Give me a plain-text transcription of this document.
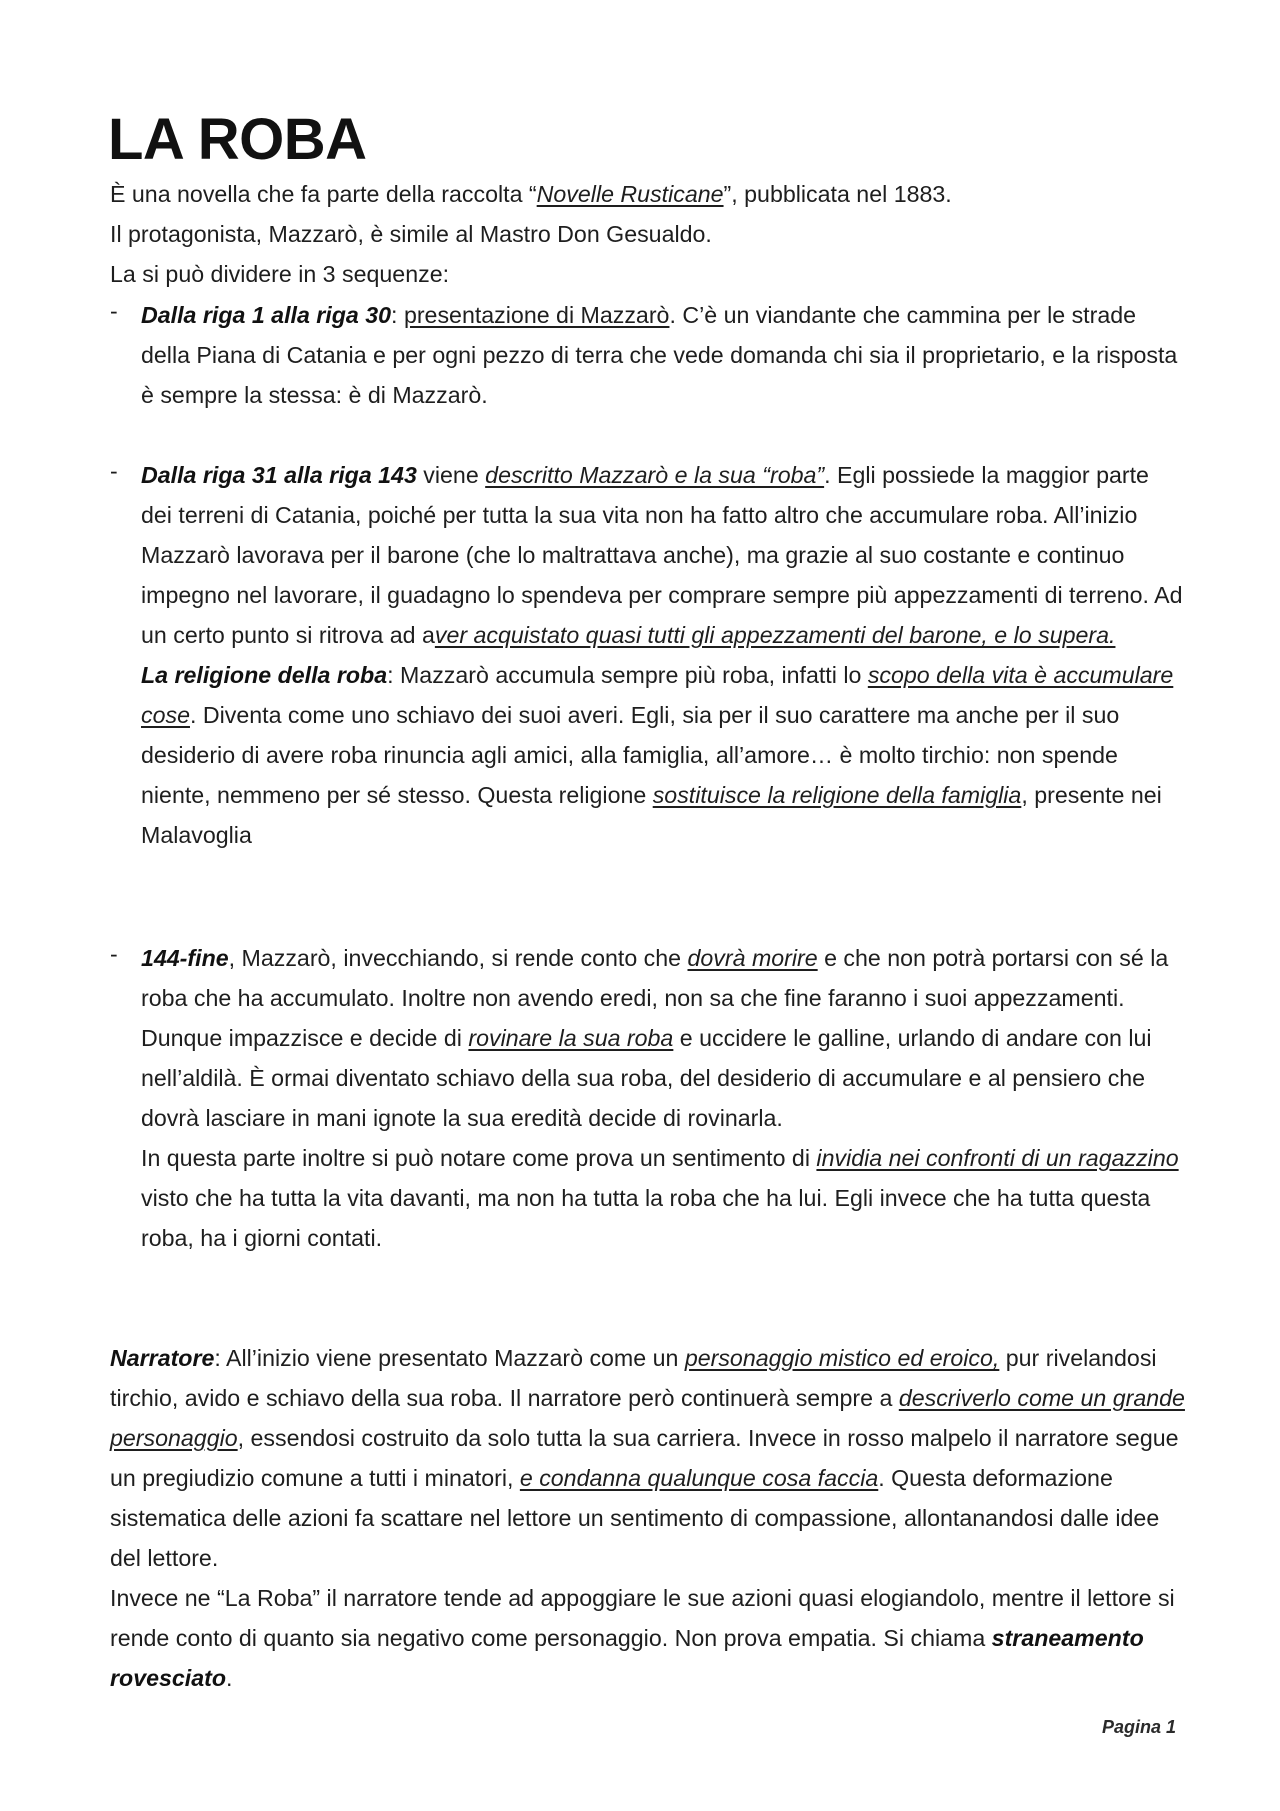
LA ROBA

È una novella che fa parte della raccolta “Novelle Rusticane”, pubblicata nel 1883.

Il protagonista, Mazzarò, è simile al Mastro Don Gesualdo.

La si può dividere in 3 sequenze:

- Dalla riga 1 alla riga 30: presentazione di Mazzarò. C’è un viandante che cammina per le strade della Piana di Catania e per ogni pezzo di terra che vede domanda chi sia il proprietario, e la risposta è sempre la stessa: è di Mazzarò.

- Dalla riga 31 alla riga 143 viene descritto Mazzarò e la sua “roba”. Egli possiede la maggior parte dei terreni di Catania, poiché per tutta la sua vita non ha fatto altro che accumulare roba. All’inizio Mazzarò lavorava per il barone (che lo maltrattava anche), ma grazie al suo costante e continuo impegno nel lavorare, il guadagno lo spendeva per comprare sempre più appezzamenti di terreno. Ad un certo punto si ritrova ad aver acquistato quasi tutti gli appezzamenti del barone, e lo supera.

La religione della roba: Mazzarò accumula sempre più roba, infatti lo scopo della vita è accumulare cose. Diventa come uno schiavo dei suoi averi. Egli, sia per il suo carattere ma anche per il suo desiderio di avere roba rinuncia agli amici, alla famiglia, all’amore… è molto tirchio: non spende niente, nemmeno per sé stesso. Questa religione sostituisce la religione della famiglia, presente nei Malavoglia

- 144-fine, Mazzarò, invecchiando, si rende conto che dovrà morire e che non potrà portarsi con sé la roba che ha accumulato. Inoltre non avendo eredi, non sa che fine faranno i suoi appezzamenti. Dunque impazzisce e decide di rovinare la sua roba e uccidere le galline, urlando di andare con lui nell’aldilà. È ormai diventato schiavo della sua roba, del desiderio di accumulare e al pensiero che dovrà lasciare in mani ignote la sua eredità decide di rovinarla.

In questa parte inoltre si può notare come prova un sentimento di invidia nei confronti di un ragazzino visto che ha tutta la vita davanti, ma non ha tutta la roba che ha lui. Egli invece che ha tutta questa roba, ha i giorni contati.

Narratore: All’inizio viene presentato Mazzarò come un personaggio mistico ed eroico, pur rivelandosi tirchio, avido e schiavo della sua roba. Il narratore però continuerà sempre a descriverlo come un grande personaggio, essendosi costruito da solo tutta la sua carriera. Invece in rosso malpelo il narratore segue un pregiudizio comune a tutti i minatori, e condanna qualunque cosa faccia. Questa deformazione sistematica delle azioni fa scattare nel lettore un sentimento di compassione, allontanandosi dalle idee del lettore.

Invece ne “La Roba” il narratore tende ad appoggiare le sue azioni quasi elogiandolo, mentre il lettore si rende conto di quanto sia negativo come personaggio. Non prova empatia. Si chiama straneamento rovesciato.

Pagina 1
